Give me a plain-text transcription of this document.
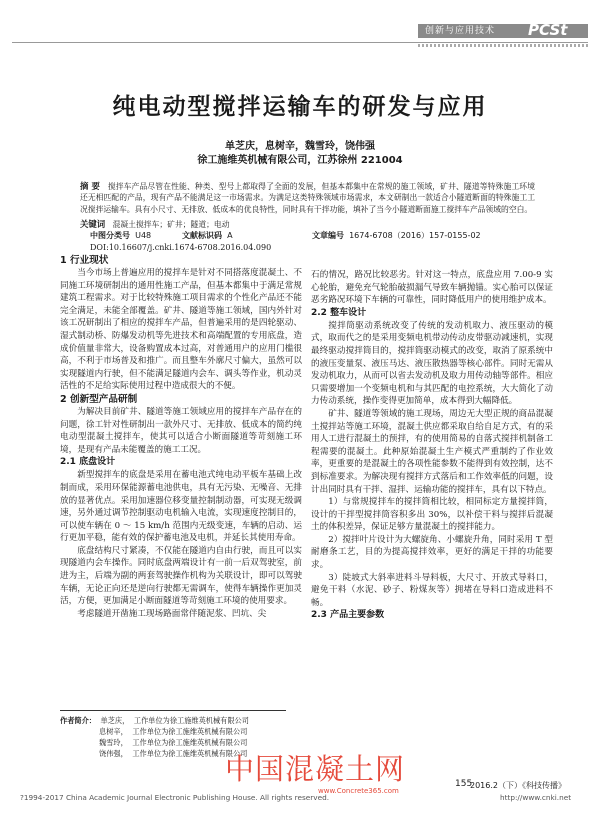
创新与应用技术 PCSt
纯电动型搅拌运输车的研发与应用
单芝庆，息树辛，魏雪玲，饶伟强
徐工施维英机械有限公司，江苏徐州 221004
摘 要 搅拌车产品尽管在性能、种类、型号上都取得了全面的发展，但基本都集中在常规的施工领域，矿井、隧道等特殊施工环境还无相匹配的产品，现有产品不能满足这一市场需求。为满足这类特殊领域市场需求，本文研制出一款适合小隧道断面的特殊施工工况搅拌运输车。具有小尺寸、无排放、低成本的优良特性，同时具有干拌功能，填补了当今小隧道断面施工搅拌车产品领域的空白。
关键词 混凝土搅拌车；矿井；隧道；电动
中图分类号 U48	文献标识码 A	文章编号 1674-6708（2016）157-0155-02
DOI:10.16607/j.cnki.1674-6708.2016.04.090

1 行业现状

当今市场上普遍应用的搅拌车是针对不同搭落度混凝土、不同施工环境研制出的通用性施工产品，但基本都集中于满足常规建筑工程需求。对于比较特殊施工项目需求的个性化产品还不能完全满足，未能全部覆盖。矿井、隧道等施工领域，国内外针对该工况研制出了相应的搅拌车产品，但普遍采用的是四轮驱动、湿式制动桥、防爆发动机等先进技术和高端配置的专用底盘，造成价值量非常大，设备购置成本过高，对普通用户的应用门槛很高，不利于市场普及和推广。而且整车外廓尺寸偏大，虽然可以实现隧道内行驶，但不能满足隧道内会车、调头等作业，机动灵活性的不足给实际使用过程中造成很大的不便。

2 创新型产品研制

为解决目前矿井、隧道等施工领域应用的搅拌车产品存在的问题，徐工针对性研制出一款外尺寸、无排放、低成本的简约纯电动型混凝土搅拌车，使其可以适合小断面隧道等苛刻施工环境，是现有产品未能覆盖的施工工况。

2.1 底盘设计

新型搅拌车的底盘是采用在蓄电池式纯电动平板车基础上改制而成，采用环保能源蓄电池供电，具有无污染、无噪音、无排放的显著优点。采用加速器位移变量控制制动器，可实现无级调速，另外通过调节控制驱动电机输入电流，实现速度控制目的，可以使车辆在 0 ～ 15 km/h 范围内无级变速，车辆的启动、运行更加平稳，能有效的保护蓄电池及电机，并延长其使用寿命。

底盘结构尺寸紧凑，不仅能在隧道内自由行驶，而且可以实现隧道内会车操作。同时底盘两端设计有一前一后双驾驶室，前进为主，后端为副的两套驾驶操作机构为关联设计，即可以驾驶车辆，无论正向还是逆向行驶都无需调车，使得车辆操作更加灵活，方便，更加满足小断面隧道等苛刻施工环境的使用要求。

考虑隧道开凿施工现场路面常伴随泥浆、凹坑、尖

石的情况，路况比较恶劣。针对这一特点，底盘应用 7.00-9 实心轮胎，避免充气轮胎破损漏气导致车辆抛锚。实心胎可以保证恶劣路况环境下车辆的可靠性，同时降低用户的使用维护成本。

2.2 整车设计

搅拌筒驱动系统改变了传统的发动机取力、液压驱动的模式，取而代之的是采用变频电机带动传动皮带驱动减速机，实现最终驱动搅拌筒目的，搅拌筒驱动模式的改变，取消了原系统中的液压变量泵、液压马达、液压散热器等核心部件。同时无需从发动机取力，从而可以省去发动机及取力用传动轴等部件。相应只需要增加一个变频电机和与其匹配的电控系统，大大简化了动力传动系统，操作变得更加简单，成本得到大幅降低。

矿井、隧道等领域的施工现场，周边无大型正规的商品混凝土搅拌站等施工环境，混凝土供应都采取自给自足方式，有的采用人工进行混凝土的预拌，有的使用简易的自落式搅拌机制备工程需要的混凝土。此种原始混凝土生产模式严重制约了作业效率，更重要的是混凝土的各项性能参数不能得到有效控制，达不到标准要求。为解决现有搅拌方式落后和工作效率低的问题，设计出同时具有干拌、湿拌、运输功能的搅拌车，具有以下特点。

1）与常规搅拌车的搅拌筒相比较，相同标定方量搅拌筒，设计的干拌型搅拌筒容积多出 30%，以补偿干料与搅拌后混凝土的体积差异，保证足够方量混凝土的搅拌能力。

2）搅拌叶片设计为大螺旋角、小螺旋升角，同时采用 T 型耐磨条工艺，目的为提高搅拌效率，更好的满足干拌的功能要求。

3）陡坡式大斜率进料斗导料板，大尺寸、开放式导料口，避免干料（水泥、砂子、粉煤灰等）拥堵在导料口造成进料不畅。

2.3 产品主要参数

作者简介： 单芝庆， 工作单位为徐工施维英机械有限公司
息树辛， 工作单位为徐工施维英机械有限公司
魏雪玲， 工作单位为徐工施维英机械有限公司
饶伟强， 工作单位为徐工施维英机械有限公司
中国混凝土网
www.Concrete365.com
155
2016.2（下）《科技传播》
?1994-2017 China Academic Journal Electronic Publishing House. All rights reserved.	http://www.cnki.net
